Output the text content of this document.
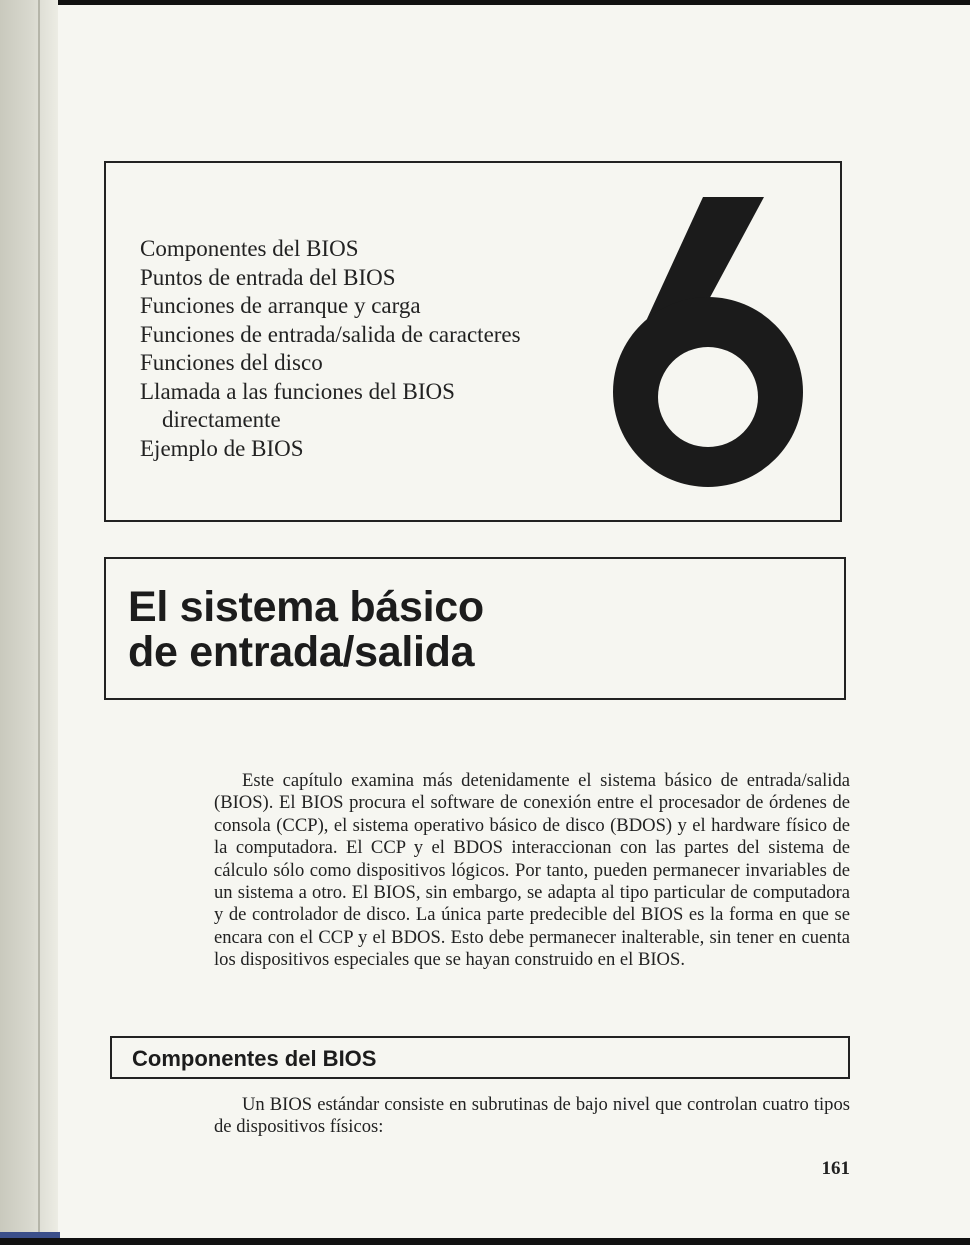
Componentes del BIOS
Puntos de entrada del BIOS
Funciones de arranque y carga
Funciones de entrada/salida de caracteres
Funciones del disco
Llamada a las funciones del BIOS
directamente
Ejemplo de BIOS
El sistema básico
de entrada/salida
Este capítulo examina más detenidamente el sistema básico de entrada/salida (BIOS). El BIOS procura el software de conexión entre el procesador de órdenes de consola (CCP), el sistema operativo básico de disco (BDOS) y el hardware físico de la computadora. El CCP y el BDOS interaccionan con las partes del sistema de cálculo sólo como dispositivos lógicos. Por tanto, pueden permanecer invariables de un sistema a otro. El BIOS, sin embargo, se adapta al tipo particular de computadora y de controlador de disco. La única parte predecible del BIOS es la forma en que se encara con el CCP y el BDOS. Esto debe permanecer inalterable, sin tener en cuenta los dispositivos especiales que se hayan construido en el BIOS.
Componentes del BIOS
Un BIOS estándar consiste en subrutinas de bajo nivel que controlan cuatro tipos de dispositivos físicos:
161
